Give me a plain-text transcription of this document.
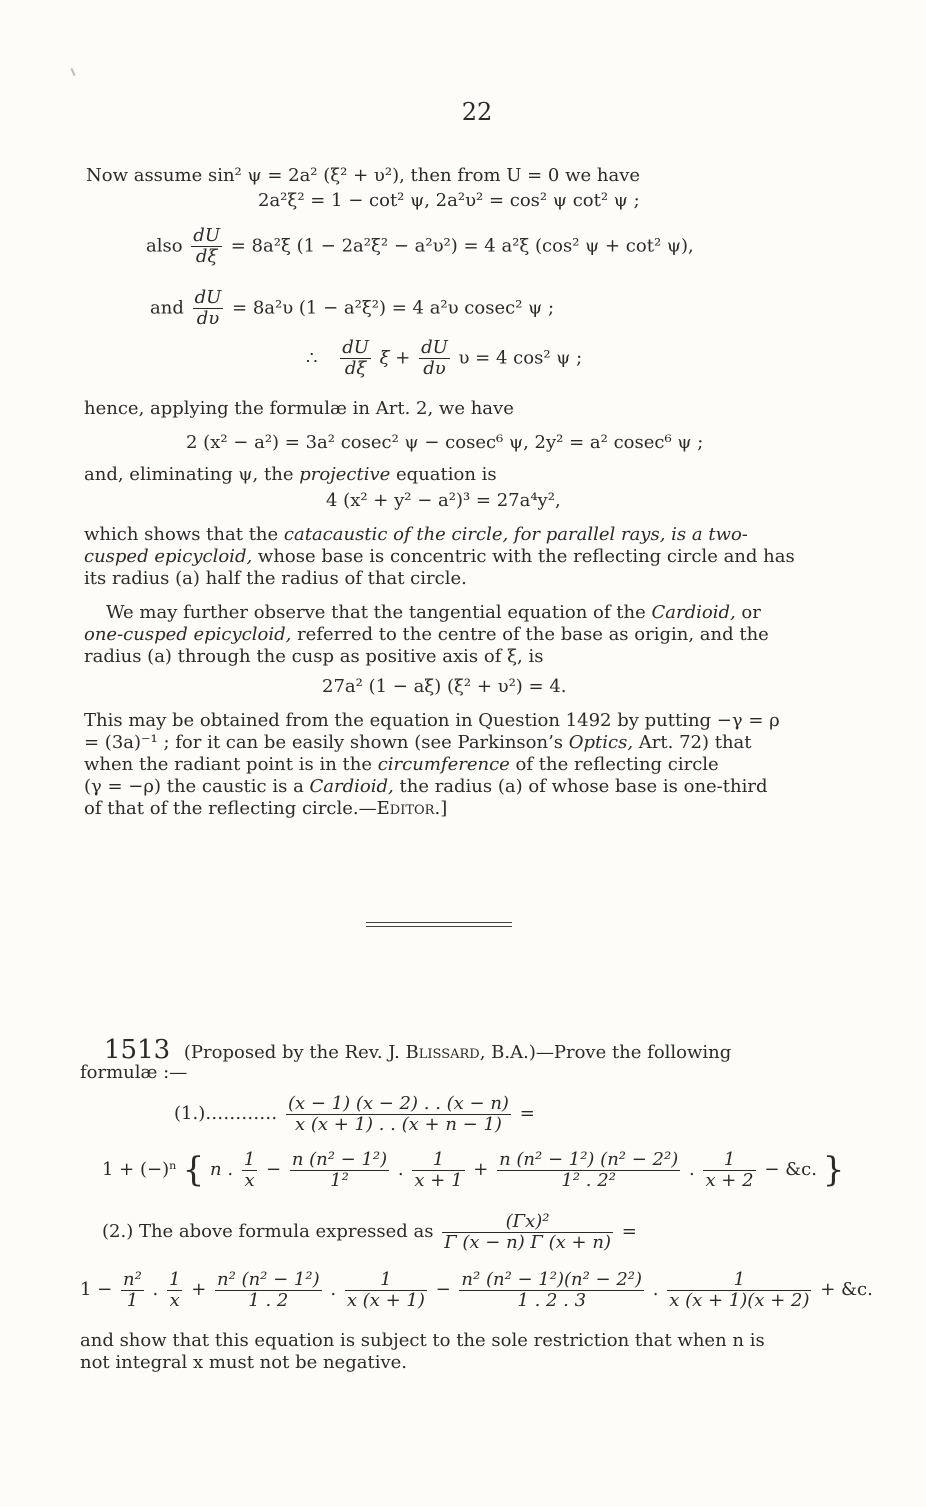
22
Now assume sin² ψ = 2a² (ξ² + υ²), then from U = 0 we have
2a²ξ² = 1 − cot² ψ, 2a²υ² = cos² ψ cot² ψ ;
also $\frac{dU}{d\xi} = 8a^2\xi$ (1 − 2a²ξ² − a²υ²) = 4 a²ξ (cos² ψ + cot² ψ),
and $\frac{dU}{d\upsilon} = 8a^2\upsilon$ (1 − a²ξ²) = 4 a²υ cosec² ψ ;
∴ $\frac{dU}{d\xi}$ $\xi + \frac{dU}{d\upsilon}$ υ = 4 cos² ψ ;
hence, applying the formulæ in Art. 2, we have
2 (x² − a²) = 3a² cosec² ψ − cosec⁶ ψ, 2y² = a² cosec⁶ ψ ;
and, eliminating ψ, the projective equation is
4 (x² + y² − a²)³ = 27a⁴y²,
which shows that the catacaustic of the circle, for parallel rays, is a two-
cusped epicycloid, whose base is concentric with the reflecting circle and has
its radius (a) half the radius of that circle.
We may further observe that the tangential equation of the Cardioid, or
one-cusped epicycloid, referred to the centre of the base as origin, and the
radius (a) through the cusp as positive axis of ξ, is
27a² (1 − aξ) (ξ² + υ²) = 4.
This may be obtained from the equation in Question 1492 by putting −γ = ρ
= (3a)⁻¹ ; for it can be easily shown (see Parkinson’s Optics, Art. 72) that
when the radiant point is in the circumference of the reflecting circle
(γ = −ρ) the caustic is a Cardioid, the radius (a) of whose base is one-third
of that of the reflecting circle.—Editor.]
1513 (Proposed by the Rev. J. Blissard, B.A.)—Prove the following
formulæ :—
(1.)………… $\frac{(x - 1) (x - 2) . . (x - n)}{x (x + 1) . . (x + n - 1)}$ =
1 + (−)ⁿ { n . $\frac{1}{x} - \frac{\text{n (n² − 1²)}}{\text{1²}}$ . $\frac{1}{x + 1} + \frac{\text{n (n² − 1²) (n² − 2²)}}{\text{1² . 2²}}$ . $\frac{1}{x + 2}$ − &c. }
(2.) The above formula expressed as $\frac{\text{(Γx)²}}{\Gamma (x - n) \Gamma (x + n)}$ =
$1 - \frac{\text{n²}}{1}$ . $\frac{1}{x} + \frac{\text{n² (n² − 1²)}}{1 . 2}$ . $\frac{1}{x (x + 1)} - \frac{\text{n² (n² − 1²)(n² − 2²)}}{1 . 2 . 3}$ . $\frac{1}{x (x + 1)(x + 2)}$ + &c.
and show that this equation is subject to the sole restriction that when n is
not integral x must not be negative.
